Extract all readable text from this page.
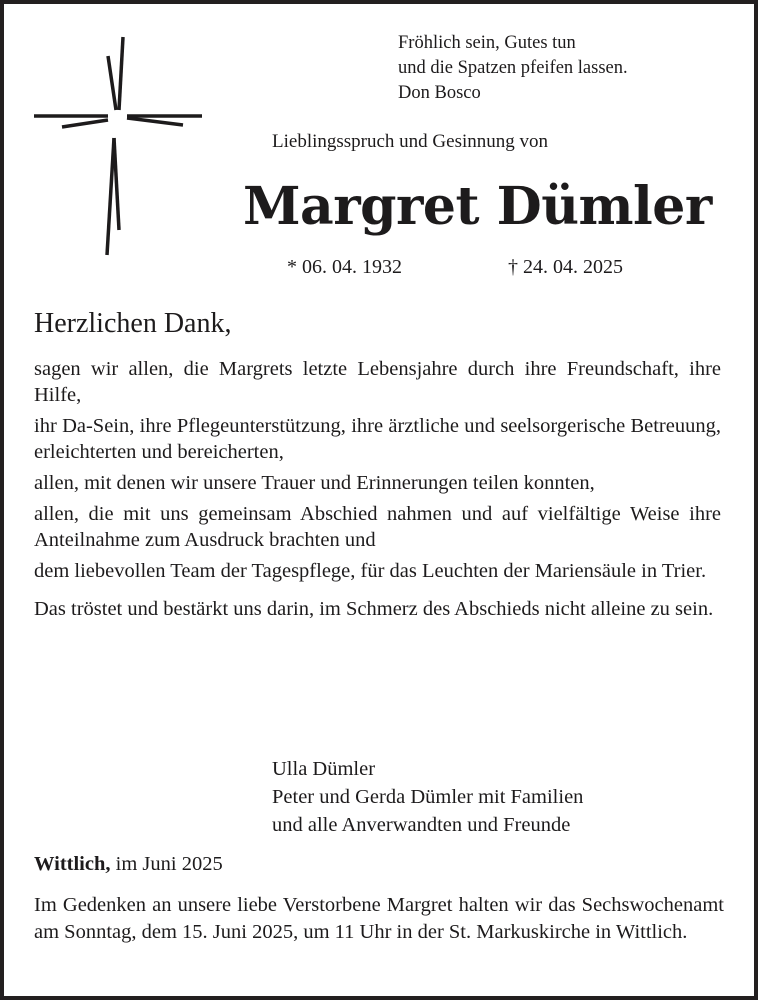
Fröhlich sein, Gutes tun
und die Spatzen pfeifen lassen.
Don Bosco
Lieblingsspruch und Gesinnung von
Margret Dümler
* 06. 04. 1932	† 24. 04. 2025
Herzlichen Dank,

sagen wir allen, die Margrets letzte Lebensjahre durch ihre Freundschaft, ihre Hilfe,

ihr Da-Sein, ihre Pflegeunterstützung, ihre ärztliche und seelsorgerische Betreuung, erleichterten und bereicherten,

allen, mit denen wir unsere Trauer und Erinnerungen teilen konnten,

allen, die mit uns gemeinsam Abschied nahmen und auf vielfältige Weise ihre Anteilnahme zum Ausdruck brachten und

dem liebevollen Team der Tagespflege, für das Leuchten der Mariensäule in Trier.

Das tröstet und bestärkt uns darin, im Schmerz des Abschieds nicht alleine zu sein.

Ulla Dümler
Peter und Gerda Dümler mit Familien
und alle Anverwandten und Freunde
Wittlich, im Juni 2025
Im Gedenken an unsere liebe Verstorbene Margret halten wir das Sechswochenamt am Sonntag, dem 15. Juni 2025, um 11 Uhr in der St. Markuskirche in Wittlich.
